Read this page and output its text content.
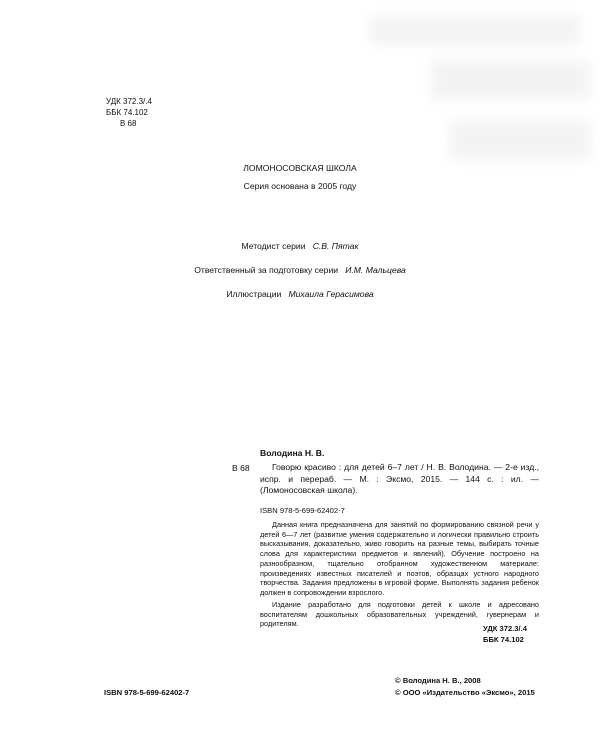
УДК 372.3/.4
ББК 74.102
В 68
ЛОМОНОСОВСКАЯ ШКОЛА
Серия основана в 2005 году
Методист серии С.В. Пятак
Ответственный за подготовку серии И.М. Мальцева
Иллюстрации Михаила Герасимова
Володина Н. В.
В 68	Говорю красиво : для детей 6–7 лет / Н. В. Володина. — 2-е изд., испр. и перераб. — М. : Эксмо, 2015. — 144 с. : ил. — (Ломоносовская школа).
ISBN 978-5-699-62402-7
Данная книга предназначена для занятий по формированию связной речи у детей 6—7 лет (развитие умения содержательно и логически правильно строить высказывания, доказательно, живо говорить на разные темы, выбирать точные слова для характеристики предметов и явлений). Обучение построено на разнообразном, тщательно отобранном художественном материале: произведениях известных писателей и поэтов, образцах устного народного творчества. Задания предложены в игровой форме. Выполнять задания ребенок должен в сопровождении взрослого.
Издание разработано для подготовки детей к школе и адресовано воспитателям дошкольных образовательных учреждений, гувернерам и родителям.
УДК 372.3/.4
ББК 74.102
ISBN 978-5-699-62402-7
© Володина Н. В., 2008
© ООО «Издательство «Эксмо», 2015
